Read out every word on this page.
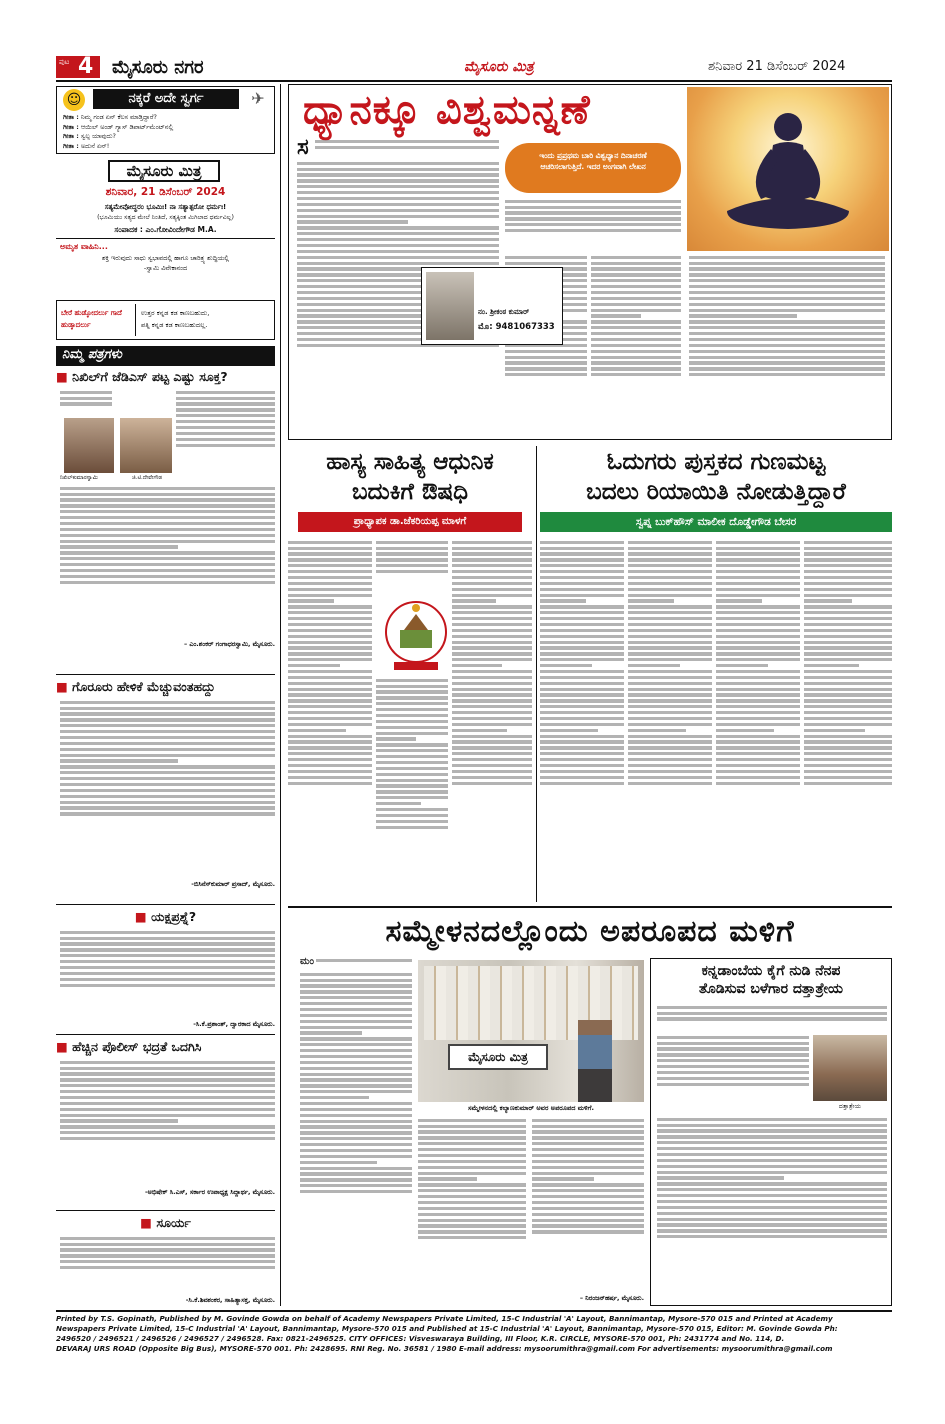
ಪುಟ 4 ಮೈಸೂರು ನಗರ	ಮೈಸೂರು ಮಿತ್ರ	ಶನಿವಾರ 21 ಡಿಸೆಂಬರ್ 2024
☺	ನಕ್ಕರೆ ಅದೇ ಸ್ವರ್ಗ	✈
ಗೀತಾ : ನಿಮ್ಮ ಗಂಡ ಏನ್ ಕೆಲಸ ಮಾಡ್ತಿದ್ದಾರೆ?
ಗೀತಾ : ಆಯಿಲ್ ಅಂಡ್ ಗ್ಯಾಸ್ ಡಿಪಾರ್ಟ್‌ಮೆಂಟ್‌ನಲ್ಲಿ
ಗೀತಾ : ಸ್ವಲ್ಪ ಯಾವುದು?
ಗೀತಾ : ಅದುನೆ ಏನ್!
ಮೈಸೂರು ಮಿತ್ರ
ಶನಿವಾರ, 21 ಡಿಸೆಂಬರ್ 2024
ಸತ್ಯಮೇವೋದ್ಧರಂ ಭೂಮಿಃ! ನಾ ಸತ್ಯಾತ್ಪರೋ ಧರ್ಮಃ!
(ಭೂಮಿಯು ಸತ್ಯದ ಮೇಲೆ ನಿಂತಿದೆ, ಸತ್ಯಕ್ಕಿಂತ ಮಿಗಿಲಾದ ಧರ್ಮವಿಲ್ಲ)
ಸಂಪಾದಕ : ಎಂ.ಗೋವಿಂದೇಗೌಡ M.A.
ಅಮೃತ ವಾಹಿನಿ...
ಶಕ್ತಿ ಇರುವುದು ಸಾಧು ಸ್ವಭಾವದಲ್ಲಿ ಹಾಗೂ ಚಾರಿತ್ರ್ಯ ಶುದ್ಧಿಯಲ್ಲಿ
-ಸ್ವಾಮಿ ವಿವೇಕಾನಂದ
ಬೇರೆ ಹುಡ್ಕೋದರ್ಲು ಗಾದೆ ಹುಡ್ಕಾದರ್ಲು
ಉತ್ತರ ಕನ್ನಡ ಕಡ ಕಾಣಬಹುದು,
ಪತ್ನಿ ಕನ್ನಡ ಕಡ ಕಾಣಬಹುದಲ್ಲ.
ನಿಮ್ಮ ಪತ್ರಗಳು
■ ನಿಖಿಲ್‌ಗೆ ಜೆಡಿಎಸ್ ಪಟ್ಟ ಎಷ್ಟು ಸೂಕ್ತ?
ನಿಖಿಲ್‌ಕುಮಾರಸ್ವಾಮಿ	ಜಿ.ಟಿ.ದೇವೇಗೌಡ
– ಎಂ.ಶಂಕರ್ ಗಂಗಾಧರಸ್ವಾಮಿ, ಮೈಸೂರು.
■ ಗೊರೂರು ಹೇಳಿಕೆ ಮೆಚ್ಚುವಂತಹದ್ದು
-ಬಿಸಿನೆಸ್‌ಕುಮಾರ್ ಪ್ರಸಾದ್, ಮೈಸೂರು.
■ ಯಕ್ಷಪ್ರಶ್ನೆ?
-ಸಿ.ಕೆ.ಪ್ರಶಾಂತ್, ದ್ವಾರಕಾದ ಮೈಸೂರು.
■ ಹೆಚ್ಚಿನ ಪೊಲೀಸ್ ಭದ್ರತೆ ಒದಗಿಸಿ
-ಅಭಿಷೇಕ್ ಸಿ.ಎಸ್, ಸರ್ಕಾರ ಉಪಾಧ್ಯಕ್ಷ ಸಿದ್ದಾರ್ಥ, ಮೈಸೂರು.
■ ಸೂರ್ಯ
-ಸಿ.ಕೆ.ಶಿವಶಂಕರ, ಸಾಹಿತ್ಯಾಸಕ್ತ, ಮೈಸೂರು.
ಧ್ಯಾನಕ್ಕೂ ವಿಶ್ವಮನ್ನಣೆ
ಸ	ಇಂದು ಪ್ರಪ್ರಥಮ ಬಾರಿ ವಿಶ್ವಧ್ಯಾನ ದಿನಾಚರಣೆ ಆಚರಿಸಲಾಗುತ್ತಿದೆ. ಇದರ ಅಂಗವಾಗಿ ಲೇಖನ
ನಂ. ಶ್ರೀಕಂಠ ಕುಮಾರ್
ಮೊ: 9481067333
ಹಾಸ್ಯ ಸಾಹಿತ್ಯ ಆಧುನಿಕ
ಬದುಕಿಗೆ ಔಷಧಿ
ಪ್ರಾಧ್ಯಾಪಕ ಡಾ.ಜೆಕರಿಯಪ್ಪ ಮಾಳಗೆ
ಓದುಗರು ಪುಸ್ತಕದ ಗುಣಮಟ್ಟ
ಬದಲು ರಿಯಾಯಿತಿ ನೋಡುತ್ತಿದ್ದಾರೆ
ಸ್ವಪ್ನ ಬುಕ್‌ಹೌಸ್ ಮಾಲೀಕ ದೊಡ್ಡೇಗೌಡ ಬೇಸರ
ಸಮ್ಮೇಳನದಲ್ಲೊಂದು ಅಪರೂಪದ ಮಳಿಗೆ
ಮಂ
ಮೈಸೂರು ಮಿತ್ರ
ಸಮ್ಮೇಳನದಲ್ಲಿ ಕಲ್ಯಾಣಕುಮಾರ್ ಅವರ ಅಪರೂಪದ ಮಳಿಗೆ.
– ನಿರಂಜನ್‌ಹರ್ಷ, ಮೈಸೂರು.
ಕನ್ನಡಾಂಬೆಯ ಕೈಗೆ ನುಡಿ ನೆನಪ
ತೊಡಿಸುವ ಬಳೆಗಾರ ದತ್ತಾತ್ರೇಯ
ದತ್ತಾತ್ರೇಯ
Printed by T.S. Gopinath, Published by M. Govinde Gowda on behalf of Academy Newspapers Private Limited, 15-C Industrial 'A' Layout, Bannimantap, Mysore-570 015 and Printed at Academy
Newspapers Private Limited, 15-C Industrial 'A' Layout, Bannimantap, Mysore-570 015 and Published at 15-C Industrial 'A' Layout, Bannimantap, Mysore-570 015, Editor: M. Govinde Gowda Ph:
2496520 / 2496521 / 2496526 / 2496527 / 2496528. Fax: 0821-2496525. CITY OFFICES: Visveswaraya Building, III Floor, K.R. CIRCLE, MYSORE-570 001, Ph: 2431774 and No. 114, D.
DEVARAJ URS ROAD (Opposite Big Bus), MYSORE-570 001. Ph: 2428695. RNI Reg. No. 36581 / 1980 E-mail address: mysoorumithra@gmail.com For advertisements: mysoorumithra@gmail.com
